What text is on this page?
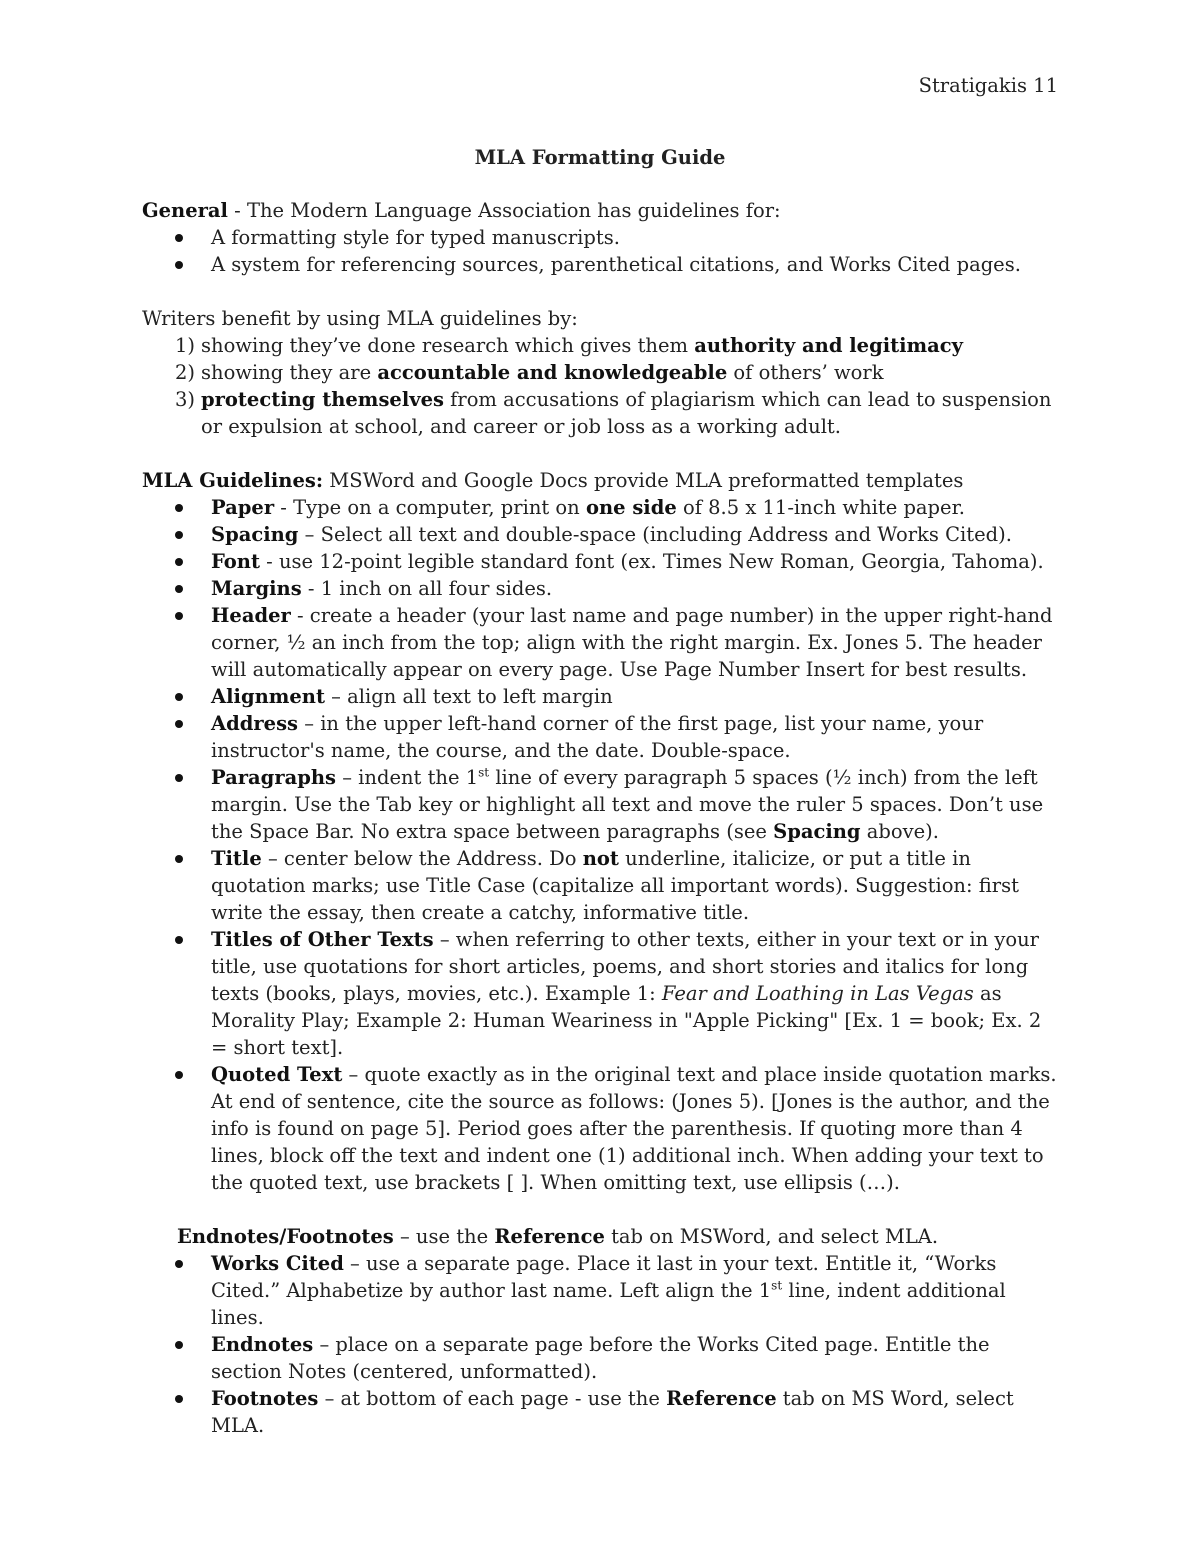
Stratigakis 11
MLA Formatting Guide

General - The Modern Language Association has guidelines for:

A formatting style for typed manuscripts.
A system for referencing sources, parenthetical citations, and Works Cited pages.

Writers benefit by using MLA guidelines by:

1) showing they’ve done research which gives them authority and legitimacy
2) showing they are accountable and knowledgeable of others’ work
3) protecting themselves from accusations of plagiarism which can lead to suspension or expulsion at school, and career or job loss as a working adult.

MLA Guidelines: MSWord and Google Docs provide MLA preformatted templates

Paper - Type on a computer, print on one side of 8.5 x 11-inch white paper.
Spacing – Select all text and double-space (including Address and Works Cited).
Font - use 12-point legible standard font (ex. Times New Roman, Georgia, Tahoma).
Margins - 1 inch on all four sides.
Header - create a header (your last name and page number) in the upper right-hand corner, ½ an inch from the top; align with the right margin. Ex. Jones 5. The header will automatically appear on every page. Use Page Number Insert for best results.
Alignment – align all text to left margin
Address – in the upper left-hand corner of the first page, list your name, your instructor's name, the course, and the date. Double-space.
Paragraphs – indent the 1st line of every paragraph 5 spaces (½ inch) from the left margin. Use the Tab key or highlight all text and move the ruler 5 spaces. Don’t use the Space Bar. No extra space between paragraphs (see Spacing above).
Title – center below the Address. Do not underline, italicize, or put a title in quotation marks; use Title Case (capitalize all important words). Suggestion: first write the essay, then create a catchy, informative title.
Titles of Other Texts – when referring to other texts, either in your text or in your title, use quotations for short articles, poems, and short stories and italics for long texts (books, plays, movies, etc.). Example 1: Fear and Loathing in Las Vegas as Morality Play; Example 2: Human Weariness in "Apple Picking" [Ex. 1 = book; Ex. 2 = short text].
Quoted Text – quote exactly as in the original text and place inside quotation marks. At end of sentence, cite the source as follows: (Jones 5). [Jones is the author, and the info is found on page 5]. Period goes after the parenthesis. If quoting more than 4 lines, block off the text and indent one (1) additional inch. When adding your text to the quoted text, use brackets [ ]. When omitting text, use ellipsis (…).

Endnotes/Footnotes – use the Reference tab on MSWord, and select MLA.

Works Cited – use a separate page. Place it last in your text. Entitle it, “Works Cited.” Alphabetize by author last name. Left align the 1st line, indent additional lines.
Endnotes – place on a separate page before the Works Cited page. Entitle the section Notes (centered, unformatted).
Footnotes – at bottom of each page - use the Reference tab on MS Word, select MLA.
